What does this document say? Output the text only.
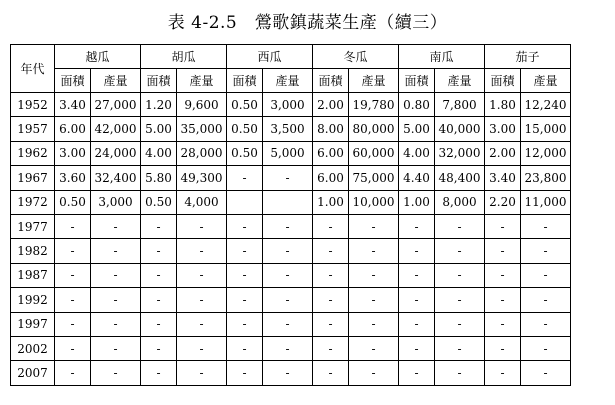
表 4-2.5　鶯歌鎮蔬菜生產（續三）
年代	越瓜		胡瓜		西瓜		冬瓜		南瓜		茄子	
	面積	產量	面積	產量	面積	產量	面積	產量	面積	產量	面積	產量
1952	3.40	27,000	1.20	9,600	0.50	3,000	2.00	19,780	0.80	7,800	1.80	12,240
1957	6.00	42,000	5.00	35,000	0.50	3,500	8.00	80,000	5.00	40,000	3.00	15,000
1962	3.00	24,000	4.00	28,000	0.50	5,000	6.00	60,000	4.00	32,000	2.00	12,000
1967	3.60	32,400	5.80	49,300	-	-	6.00	75,000	4.40	48,400	3.40	23,800
1972	0.50	3,000	0.50	4,000			1.00	10,000	1.00	8,000	2.20	11,000
1977	-	-	-	-	-	-	-	-	-	-	-	-
1982	-	-	-	-	-	-	-	-	-	-	-	-
1987	-	-	-	-	-	-	-	-	-	-	-	-
1992	-	-	-	-	-	-	-	-	-	-	-	-
1997	-	-	-	-	-	-	-	-	-	-	-	-
2002	-	-	-	-	-	-	-	-	-	-	-	-
2007	-	-	-	-	-	-	-	-	-	-	-	-
